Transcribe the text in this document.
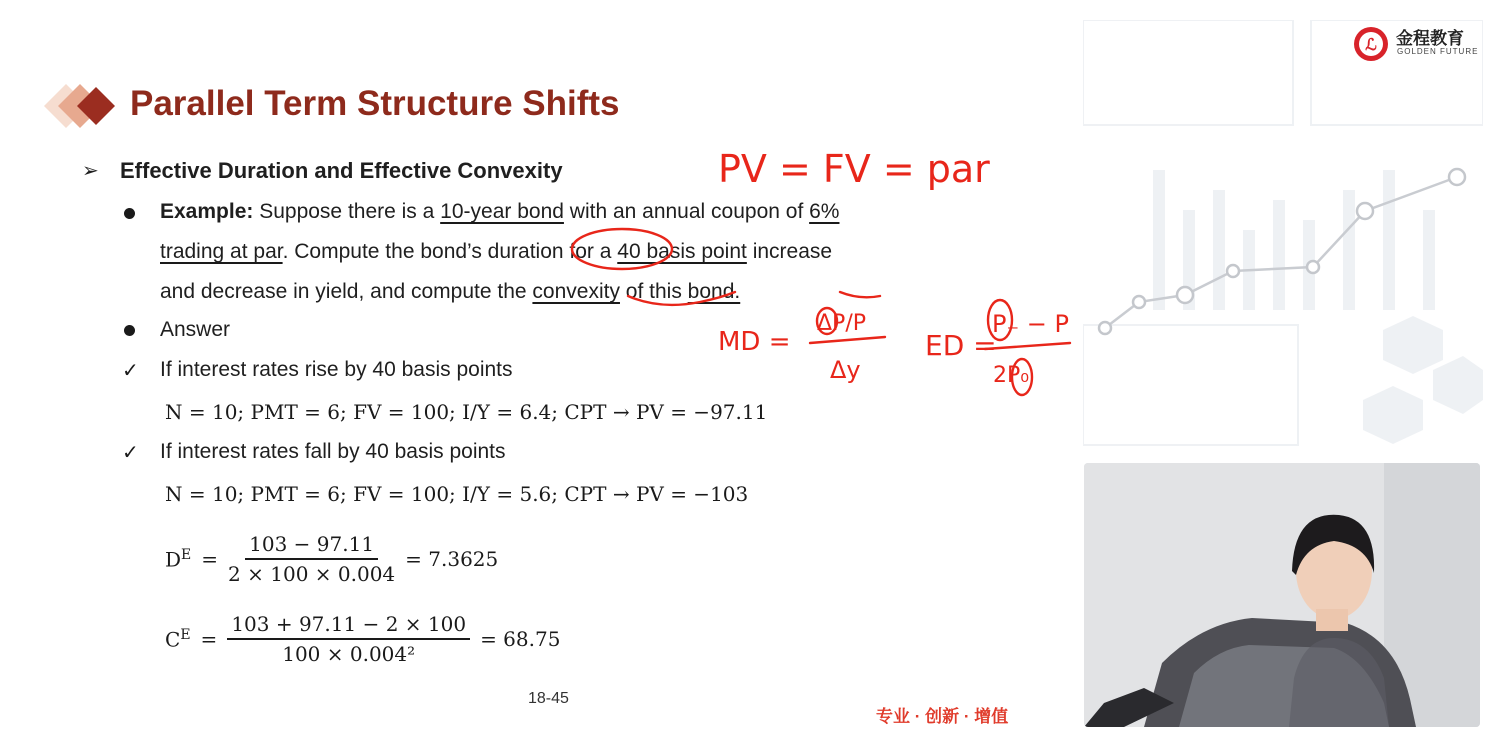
ℒ 金程教育
GOLDEN FUTURE
Parallel Term Structure Shifts
➢ Effective Duration and Effective Convexity
Example: Suppose there is a 10-year bond with an annual coupon of 6%
trading at par. Compute the bond’s duration for a 40 basis point increase
and decrease in yield, and compute the convexity of this bond.
Answer
✓ If interest rates rise by 40 basis points
N = 10; PMT = 6; FV = 100; I/Y = 6.4; CPT → PV = −97.11
✓ If interest rates fall by 40 basis points
N = 10; PMT = 6; FV = 100; I/Y = 5.6; CPT → PV = −103
$D^E = \frac{103 - 97.11}{2 \times 100 \times 0.004} = 7.3625$
$C^E = \frac{103 + 97.11 - 2 \times 100}{\text{100 × 0.004²}} = 68.75$
18-45
专业 · 创新 · 增值
PV = FV = par
MD =	ED =
ΔP/P
Δy
P₋ − P
2P₀
